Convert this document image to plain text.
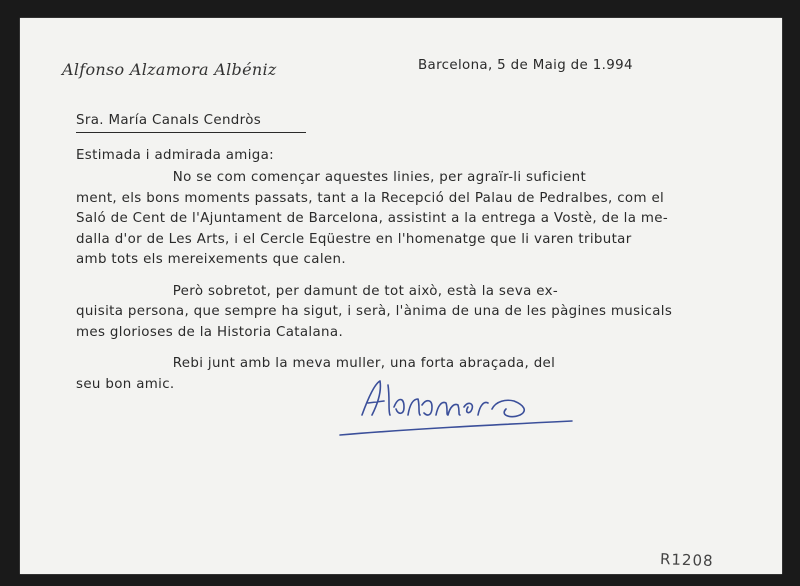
Alfonso Alzamora Albéniz	Barcelona, 5 de Maig de 1.994
Sra. María Canals Cendròs
Estimada i admirada amiga:
No se com començar aquestes linies, per agraïr-li suficient
ment, els bons moments passats, tant a la Recepció del Palau de Pedralbes, com el
Saló de Cent de l'Ajuntament de Barcelona, assistint a la entrega a Vostè, de la me-
dalla d'or de Les Arts, i el Cercle Eqüestre en l'homenatge que li varen tributar
amb tots els mereixements que calen.
Però sobretot, per damunt de tot això, està la seva ex-
quisita persona, que sempre ha sigut, i serà, l'ànima de una de les pàgines musicals
mes glorioses de la Historia Catalana.
Rebi junt amb la meva muller, una forta abraçada, del
seu bon amic.
R1208
